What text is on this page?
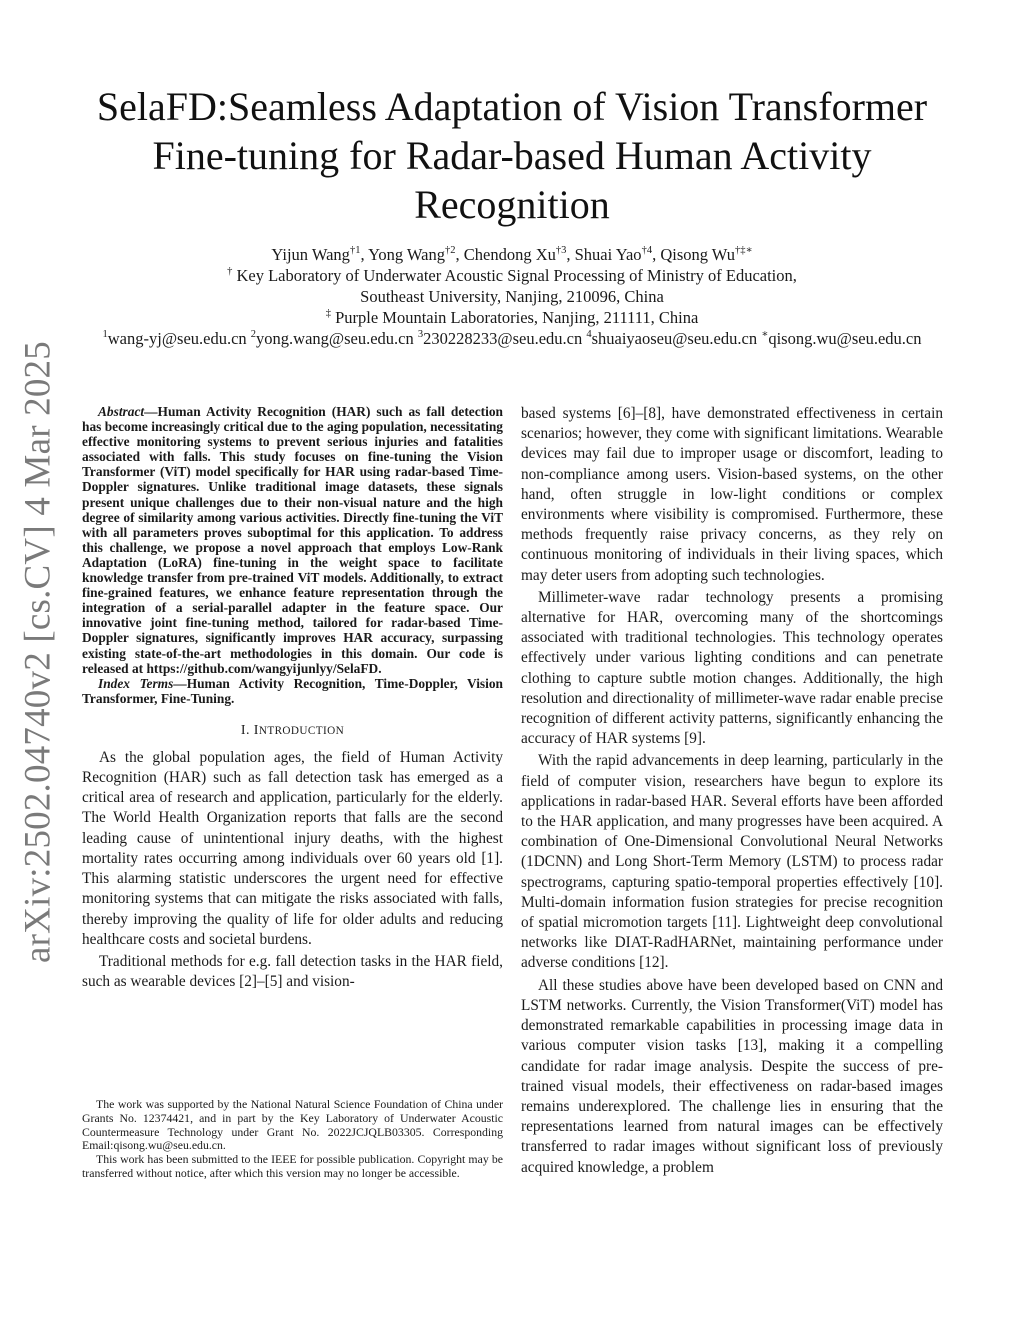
arXiv:2502.04740v2 [cs.CV] 4 Mar 2025
SelaFD:Seamless Adaptation of Vision Transformer
Fine-tuning for Radar-based Human Activity
Recognition
Yijun Wang$^{\dagger 1}$, Yong Wang$^{\dagger 2}$, Chendong Xu$^{\dagger 3}$, Shuai Yao$^{\dagger 4}$, Qisong Wu†‡∗
† Key Laboratory of Underwater Acoustic Signal Processing of Ministry of Education,
Southeast University, Nanjing, 210096, China
‡ Purple Mountain Laboratories, Nanjing, 211111, China
$^1$wang-yj@seu.edu.cn $^2$yong.wang@seu.edu.cn $^3$230228233@seu.edu.cn $^4$shuaiyaoseu@seu.edu.cn ∗qisong.wu@seu.edu.cn

Abstract—Human Activity Recognition (HAR) such as fall detection has become increasingly critical due to the aging population, necessitating effective monitoring systems to prevent serious injuries and fatalities associated with falls. This study focuses on fine-tuning the Vision Transformer (ViT) model specifically for HAR using radar-based Time-Doppler signatures. Unlike traditional image datasets, these signals present unique challenges due to their non-visual nature and the high degree of similarity among various activities. Directly fine-tuning the ViT with all parameters proves suboptimal for this application. To address this challenge, we propose a novel approach that employs Low-Rank Adaptation (LoRA) fine-tuning in the weight space to facilitate knowledge transfer from pre-trained ViT models. Additionally, to extract fine-grained features, we enhance feature representation through the integration of a serial-parallel adapter in the feature space. Our innovative joint fine-tuning method, tailored for radar-based Time-Doppler signatures, significantly improves HAR accuracy, surpassing existing state-of-the-art methodologies in this domain. Our code is released at https://github.com/wangyijunlyy/SelaFD.

Index Terms—Human Activity Recognition, Time-Doppler, Vision Transformer, Fine-Tuning.

I. INTRODUCTION

As the global population ages, the field of Human Activity Recognition (HAR) such as fall detection task has emerged as a critical area of research and application, particularly for the elderly. The World Health Organization reports that falls are the second leading cause of unintentional injury deaths, with the highest mortality rates occurring among individuals over 60 years old [1]. This alarming statistic underscores the urgent need for effective monitoring systems that can mitigate the risks associated with falls, thereby improving the quality of life for older adults and reducing healthcare costs and societal burdens.

Traditional methods for e.g. fall detection tasks in the HAR field, such as wearable devices [2]–[5] and vision-

The work was supported by the National Natural Science Foundation of China under Grants No. 12374421, and in part by the Key Laboratory of Underwater Acoustic Countermeasure Technology under Grant No. 2022JCJQLB03305. Corresponding Email:qisong.wu@seu.edu.cn.

This work has been submitted to the IEEE for possible publication. Copyright may be transferred without notice, after which this version may no longer be accessible.

based systems [6]–[8], have demonstrated effectiveness in certain scenarios; however, they come with significant limitations. Wearable devices may fail due to improper usage or discomfort, leading to non-compliance among users. Vision-based systems, on the other hand, often struggle in low-light conditions or complex environments where visibility is compromised. Furthermore, these methods frequently raise privacy concerns, as they rely on continuous monitoring of individuals in their living spaces, which may deter users from adopting such technologies.

Millimeter-wave radar technology presents a promising alternative for HAR, overcoming many of the shortcomings associated with traditional technologies. This technology operates effectively under various lighting conditions and can penetrate clothing to capture subtle motion changes. Additionally, the high resolution and directionality of millimeter-wave radar enable precise recognition of different activity patterns, significantly enhancing the accuracy of HAR systems [9].

With the rapid advancements in deep learning, particularly in the field of computer vision, researchers have begun to explore its applications in radar-based HAR. Several efforts have been afforded to the HAR application, and many progresses have been acquired. A combination of One-Dimensional Convolutional Neural Networks (1DCNN) and Long Short-Term Memory (LSTM) to process radar spectrograms, capturing spatio-temporal properties effectively [10]. Multi-domain information fusion strategies for precise recognition of spatial micromotion targets [11]. Lightweight deep convolutional networks like DIAT-RadHARNet, maintaining performance under adverse conditions [12].

All these studies above have been developed based on CNN and LSTM networks. Currently, the Vision Transformer(ViT) model has demonstrated remarkable capabilities in processing image data in various computer vision tasks [13], making it a compelling candidate for radar image analysis. Despite the success of pre-trained visual models, their effectiveness on radar-based images remains underexplored. The challenge lies in ensuring that the representations learned from natural images can be effectively transferred to radar images without significant loss of previously acquired knowledge, a problem
